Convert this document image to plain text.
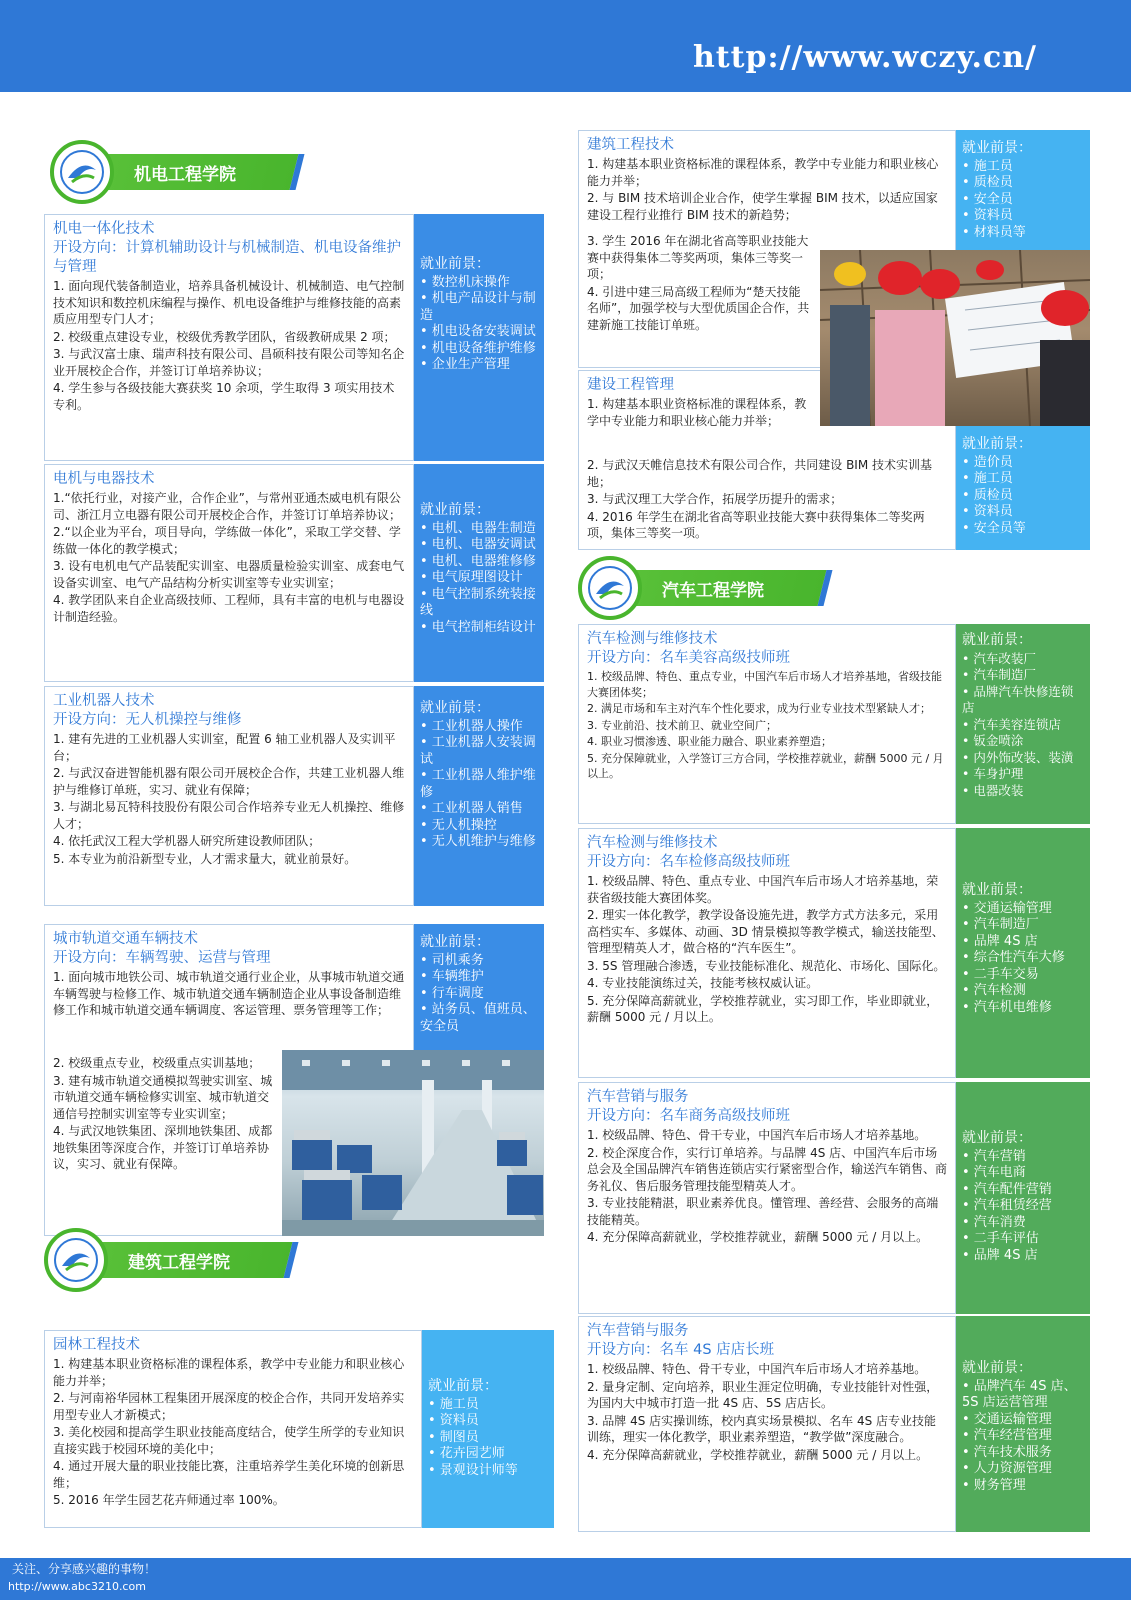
http://www.wczy.cn/
机电工程学院
机电一体化技术
开设方向：计算机辅助设计与机械制造、机电设备维护与管理
1. 面向现代装备制造业，培养具备机械设计、机械制造、电气控制技术知识和数控机床编程与操作、机电设备维护与维修技能的高素质应用型专门人才；
2. 校级重点建设专业，校级优秀教学团队，省级教研成果 2 项；
3. 与武汉富士康、瑞声科技有限公司、昌硕科技有限公司等知名企业开展校企合作，并签订订单培养协议；
4. 学生参与各级技能大赛获奖 10 余项，学生取得 3 项实用技术专利。
就业前景：
• 数控机床操作
• 机电产品设计与制造
• 机电设备安装调试
• 机电设备维护维修
• 企业生产管理
电机与电器技术
1.“依托行业，对接产业，合作企业”，与常州亚通杰威电机有限公司、浙江月立电器有限公司开展校企合作，并签订订单培养协议；
2.“以企业为平台，项目导向，学练做一体化”，采取工学交替、学练做一体化的教学模式；
3. 设有电机电气产品装配实训室、电器质量检验实训室、成套电气设备实训室、电气产品结构分析实训室等专业实训室；
4. 教学团队来自企业高级技师、工程师，具有丰富的电机与电器设计制造经验。
就业前景：
• 电机、电器生制造
• 电机、电器安调试
• 电机、电器维修修
• 电气原理图设计
• 电气控制系统装接线
• 电气控制柜结设计
工业机器人技术
开设方向：无人机操控与维修
1. 建有先进的工业机器人实训室，配置 6 轴工业机器人及实训平台；
2. 与武汉奋进智能机器有限公司开展校企合作，共建工业机器人维护与维修订单班，实习、就业有保障；
3. 与湖北易瓦特科技股份有限公司合作培养专业无人机操控、维修人才；
4. 依托武汉工程大学机器人研究所建设教师团队；
5. 本专业为前沿新型专业，人才需求量大，就业前景好。
就业前景：
• 工业机器人操作
• 工业机器人安装调试
• 工业机器人维护维修
• 工业机器人销售
• 无人机操控
• 无人机维护与维修
城市轨道交通车辆技术
开设方向：车辆驾驶、运营与管理
1. 面向城市地铁公司、城市轨道交通行业企业，从事城市轨道交通车辆驾驶与检修工作、城市轨道交通车辆制造企业从事设备制造维修工作和城市轨道交通车辆调度、客运管理、票务管理等工作；
2. 校级重点专业，校级重点实训基地；
3. 建有城市轨道交通模拟驾驶实训室、城市轨道交通车辆检修实训室、城市轨道交通信号控制实训室等专业实训室；
4. 与武汉地铁集团、深圳地铁集团、成都地铁集团等深度合作，并签订订单培养协议，实习、就业有保障。
就业前景：
• 司机乘务
• 车辆维护
• 行车调度
• 站务员、值班员、安全员
建筑工程学院
园林工程技术
1. 构建基本职业资格标准的课程体系，教学中专业能力和职业核心能力并举；
2. 与河南裕华园林工程集团开展深度的校企合作，共同开发培养实用型专业人才新模式；
3. 美化校园和提高学生职业技能高度结合，使学生所学的专业知识直接实践于校园环境的美化中；
4. 通过开展大量的职业技能比赛，注重培养学生美化环境的创新思维；
5. 2016 年学生园艺花卉师通过率 100%。
就业前景：
• 施工员
• 资料员
• 制图员
• 花卉园艺师
• 景观设计师等
建筑工程技术
1. 构建基本职业资格标准的课程体系，教学中专业能力和职业核心能力并举；
2. 与 BIM 技术培训企业合作，使学生掌握 BIM 技术，以适应国家建设工程行业推行 BIM 技术的新趋势；
3. 学生 2016 年在湖北省高等职业技能大赛中获得集体二等奖两项，集体三等奖一项；
4. 引进中建三局高级工程师为“楚天技能名师”，加强学校与大型优质国企合作，共建新施工技能订单班。
就业前景：
• 施工员
• 质检员
• 安全员
• 资料员
• 材料员等
建设工程管理
1. 构建基本职业资格标准的课程体系，教学中专业能力和职业核心能力并举；
2. 与武汉天帷信息技术有限公司合作，共同建设 BIM 技术实训基地；
3. 与武汉理工大学合作，拓展学历提升的需求；
4. 2016 年学生在湖北省高等职业技能大赛中获得集体二等奖两项，集体三等奖一项。
就业前景：
• 造价员
• 施工员
• 质检员
• 资料员
• 安全员等
汽车工程学院
汽车检测与维修技术
开设方向：名车美容高级技师班
1. 校级品牌、特色、重点专业，中国汽车后市场人才培养基地，省级技能大赛团体奖；
2. 满足市场和车主对汽车个性化要求，成为行业专业技术型紧缺人才；
3. 专业前沿、技术前卫、就业空间广；
4. 职业习惯渗透、职业能力融合、职业素养塑造；
5. 充分保障就业，入学签订三方合同，学校推荐就业，薪酬 5000 元 / 月以上。
就业前景：
• 汽车改装厂
• 汽车制造厂
• 品牌汽车快修连锁店
• 汽车美容连锁店
• 钣金喷涂
• 内外饰改装、装潢
• 车身护理
• 电器改装
汽车检测与维修技术
开设方向：名车检修高级技师班
1. 校级品牌、特色、重点专业、中国汽车后市场人才培养基地，荣获省级技能大赛团体奖。
2. 理实一体化教学，教学设备设施先进，教学方式方法多元，采用高档实车、多媒体、动画、3D 情景模拟等教学模式，输送技能型、管理型精英人才，做合格的“汽车医生”。
3. 5S 管理融合渗透，专业技能标准化、规范化、市场化、国际化。
4. 专业技能演练过关，技能考核权威认证。
5. 充分保障高薪就业，学校推荐就业，实习即工作，毕业即就业，薪酬 5000 元 / 月以上。
就业前景：
• 交通运输管理
• 汽车制造厂
• 品牌 4S 店
• 综合性汽车大修
• 二手车交易
• 汽车检测
• 汽车机电维修
汽车营销与服务
开设方向：名车商务高级技师班
1. 校级品牌、特色、骨干专业，中国汽车后市场人才培养基地。
2. 校企深度合作，实行订单培养。与品牌 4S 店、中国汽车后市场总会及全国品牌汽车销售连锁店实行紧密型合作，输送汽车销售、商务礼仪、售后服务管理技能型精英人才。
3. 专业技能精湛，职业素养优良。懂管理、善经营、会服务的高端技能精英。
4. 充分保障高薪就业，学校推荐就业，薪酬 5000 元 / 月以上。
就业前景：
• 汽车营销
• 汽车电商
• 汽车配件营销
• 汽车租赁经营
• 汽车消费
• 二手车评估
• 品牌 4S 店
汽车营销与服务
开设方向：名车 4S 店店长班
1. 校级品牌、特色、骨干专业，中国汽车后市场人才培养基地。
2. 量身定制、定向培养，职业生涯定位明确，专业技能针对性强，为国内大中城市打造一批 4S 店、5S 店店长。
3. 品牌 4S 店实操训练，校内真实场景模拟、名车 4S 店专业技能训练，理实一体化教学，职业素养塑造，“教学做”深度融合。
4. 充分保障高薪就业，学校推荐就业，薪酬 5000 元 / 月以上。
就业前景：
• 品牌汽车 4S 店、5S 店运营管理
• 交通运输管理
• 汽车经营管理
• 汽车技术服务
• 人力资源管理
• 财务管理
关注、分享感兴趣的事物！
http://www.abc3210.com
